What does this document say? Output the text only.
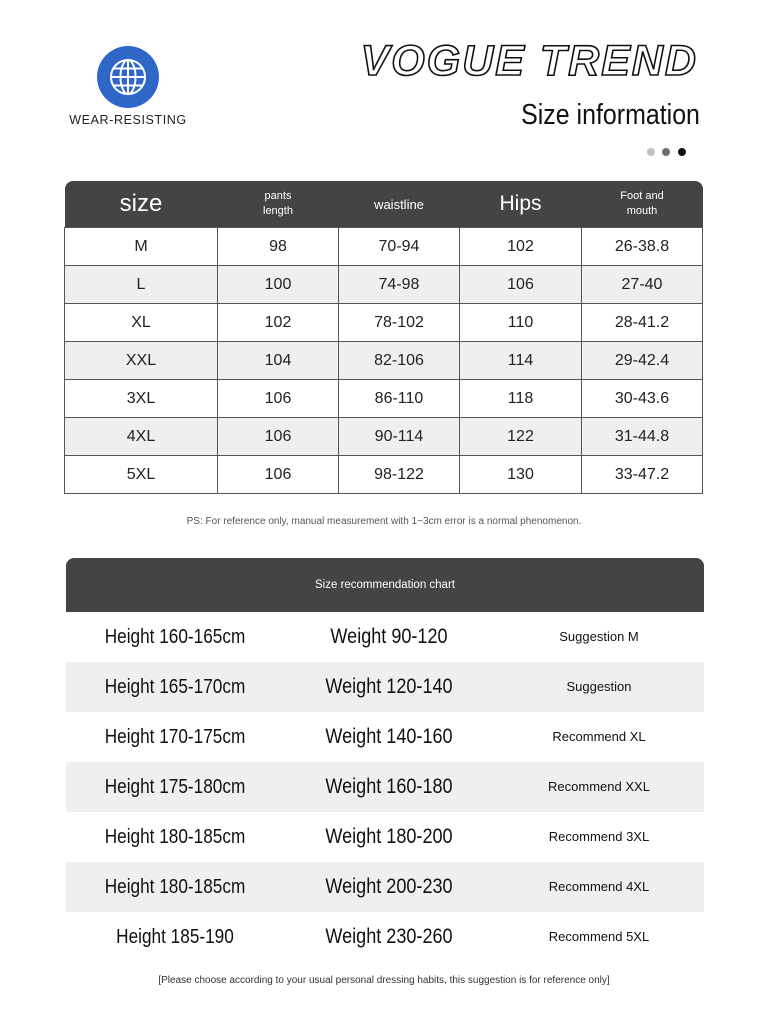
WEAR-RESISTING
VOGUE TREND
Size information
size	pants length	waistline	Hips	Foot and mouth
M	98	70-94	102	26-38.8
L	100	74-98	106	27-40
XL	102	78-102	110	28-41.2
XXL	104	82-106	114	29-42.4
3XL	106	86-110	118	30-43.6
4XL	106	90-114	122	31-44.8
5XL	106	98-122	130	33-47.2
PS: For reference only, manual measurement with 1~3cm error is a normal phenomenon.
Size recommendation chart
Height 160-165cm	Weight 90-120	Suggestion M
Height 165-170cm	Weight 120-140	Suggestion
Height 170-175cm	Weight 140-160	Recommend XL
Height 175-180cm	Weight 160-180	Recommend XXL
Height 180-185cm	Weight 180-200	Recommend 3XL
Height 180-185cm	Weight 200-230	Recommend 4XL
Height 185-190	Weight 230-260	Recommend 5XL
[Please choose according to your usual personal dressing habits, this suggestion is for reference only]
